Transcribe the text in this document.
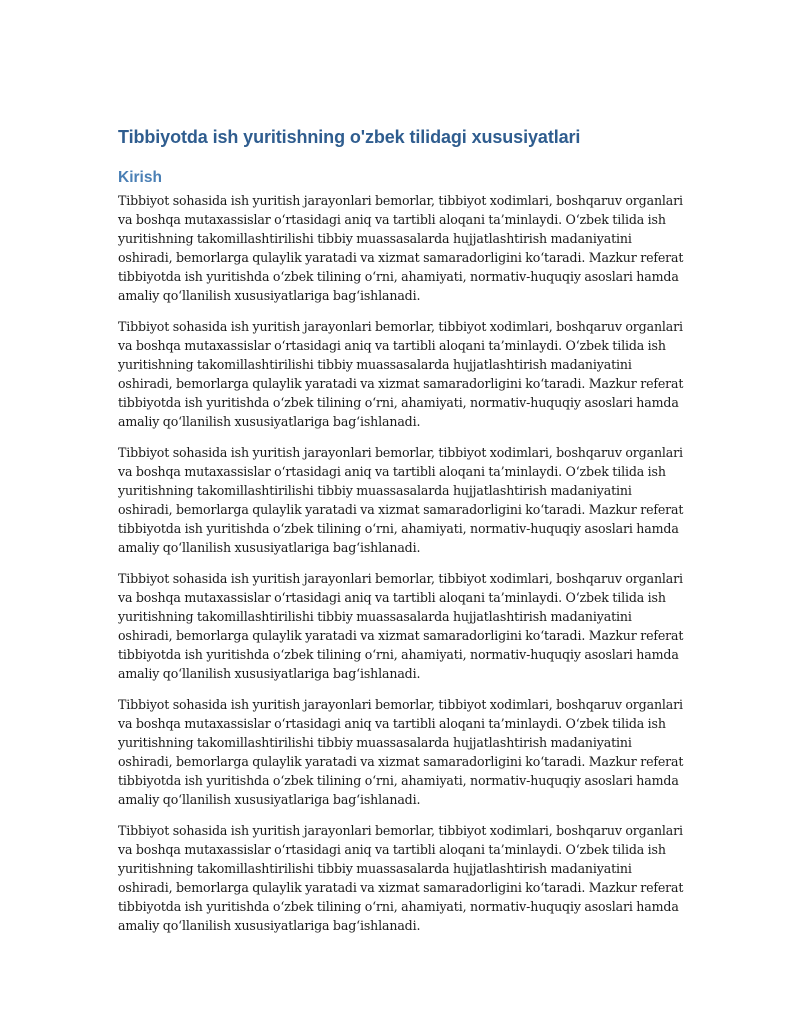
Tibbiyotda ish yuritishning o'zbek tilidagi xususiyatlari
Kirish

Tibbiyot sohasida ish yuritish jarayonlari bemorlar, tibbiyot xodimlari, boshqaruv organlari va boshqa mutaxassislar o‘rtasidagi aniq va tartibli aloqani ta’minlaydi. O‘zbek tilida ish yuritishning takomillashtirilishi tibbiy muassasalarda hujjatlashtirish madaniyatini oshiradi, bemorlarga qulaylik yaratadi va xizmat samaradorligini ko‘taradi. Mazkur referat tibbiyotda ish yuritishda o‘zbek tilining o‘rni, ahamiyati, normativ-huquqiy asoslari hamda amaliy qo‘llanilish xususiyatlariga bag‘ishlanadi.

Tibbiyot sohasida ish yuritish jarayonlari bemorlar, tibbiyot xodimlari, boshqaruv organlari va boshqa mutaxassislar o‘rtasidagi aniq va tartibli aloqani ta’minlaydi. O‘zbek tilida ish yuritishning takomillashtirilishi tibbiy muassasalarda hujjatlashtirish madaniyatini oshiradi, bemorlarga qulaylik yaratadi va xizmat samaradorligini ko‘taradi. Mazkur referat tibbiyotda ish yuritishda o‘zbek tilining o‘rni, ahamiyati, normativ-huquqiy asoslari hamda amaliy qo‘llanilish xususiyatlariga bag‘ishlanadi.

Tibbiyot sohasida ish yuritish jarayonlari bemorlar, tibbiyot xodimlari, boshqaruv organlari va boshqa mutaxassislar o‘rtasidagi aniq va tartibli aloqani ta’minlaydi. O‘zbek tilida ish yuritishning takomillashtirilishi tibbiy muassasalarda hujjatlashtirish madaniyatini oshiradi, bemorlarga qulaylik yaratadi va xizmat samaradorligini ko‘taradi. Mazkur referat tibbiyotda ish yuritishda o‘zbek tilining o‘rni, ahamiyati, normativ-huquqiy asoslari hamda amaliy qo‘llanilish xususiyatlariga bag‘ishlanadi.

Tibbiyot sohasida ish yuritish jarayonlari bemorlar, tibbiyot xodimlari, boshqaruv organlari va boshqa mutaxassislar o‘rtasidagi aniq va tartibli aloqani ta’minlaydi. O‘zbek tilida ish yuritishning takomillashtirilishi tibbiy muassasalarda hujjatlashtirish madaniyatini oshiradi, bemorlarga qulaylik yaratadi va xizmat samaradorligini ko‘taradi. Mazkur referat tibbiyotda ish yuritishda o‘zbek tilining o‘rni, ahamiyati, normativ-huquqiy asoslari hamda amaliy qo‘llanilish xususiyatlariga bag‘ishlanadi.

Tibbiyot sohasida ish yuritish jarayonlari bemorlar, tibbiyot xodimlari, boshqaruv organlari va boshqa mutaxassislar o‘rtasidagi aniq va tartibli aloqani ta’minlaydi. O‘zbek tilida ish yuritishning takomillashtirilishi tibbiy muassasalarda hujjatlashtirish madaniyatini oshiradi, bemorlarga qulaylik yaratadi va xizmat samaradorligini ko‘taradi. Mazkur referat tibbiyotda ish yuritishda o‘zbek tilining o‘rni, ahamiyati, normativ-huquqiy asoslari hamda amaliy qo‘llanilish xususiyatlariga bag‘ishlanadi.

Tibbiyot sohasida ish yuritish jarayonlari bemorlar, tibbiyot xodimlari, boshqaruv organlari va boshqa mutaxassislar o‘rtasidagi aniq va tartibli aloqani ta’minlaydi. O‘zbek tilida ish yuritishning takomillashtirilishi tibbiy muassasalarda hujjatlashtirish madaniyatini oshiradi, bemorlarga qulaylik yaratadi va xizmat samaradorligini ko‘taradi. Mazkur referat tibbiyotda ish yuritishda o‘zbek tilining o‘rni, ahamiyati, normativ-huquqiy asoslari hamda amaliy qo‘llanilish xususiyatlariga bag‘ishlanadi.
